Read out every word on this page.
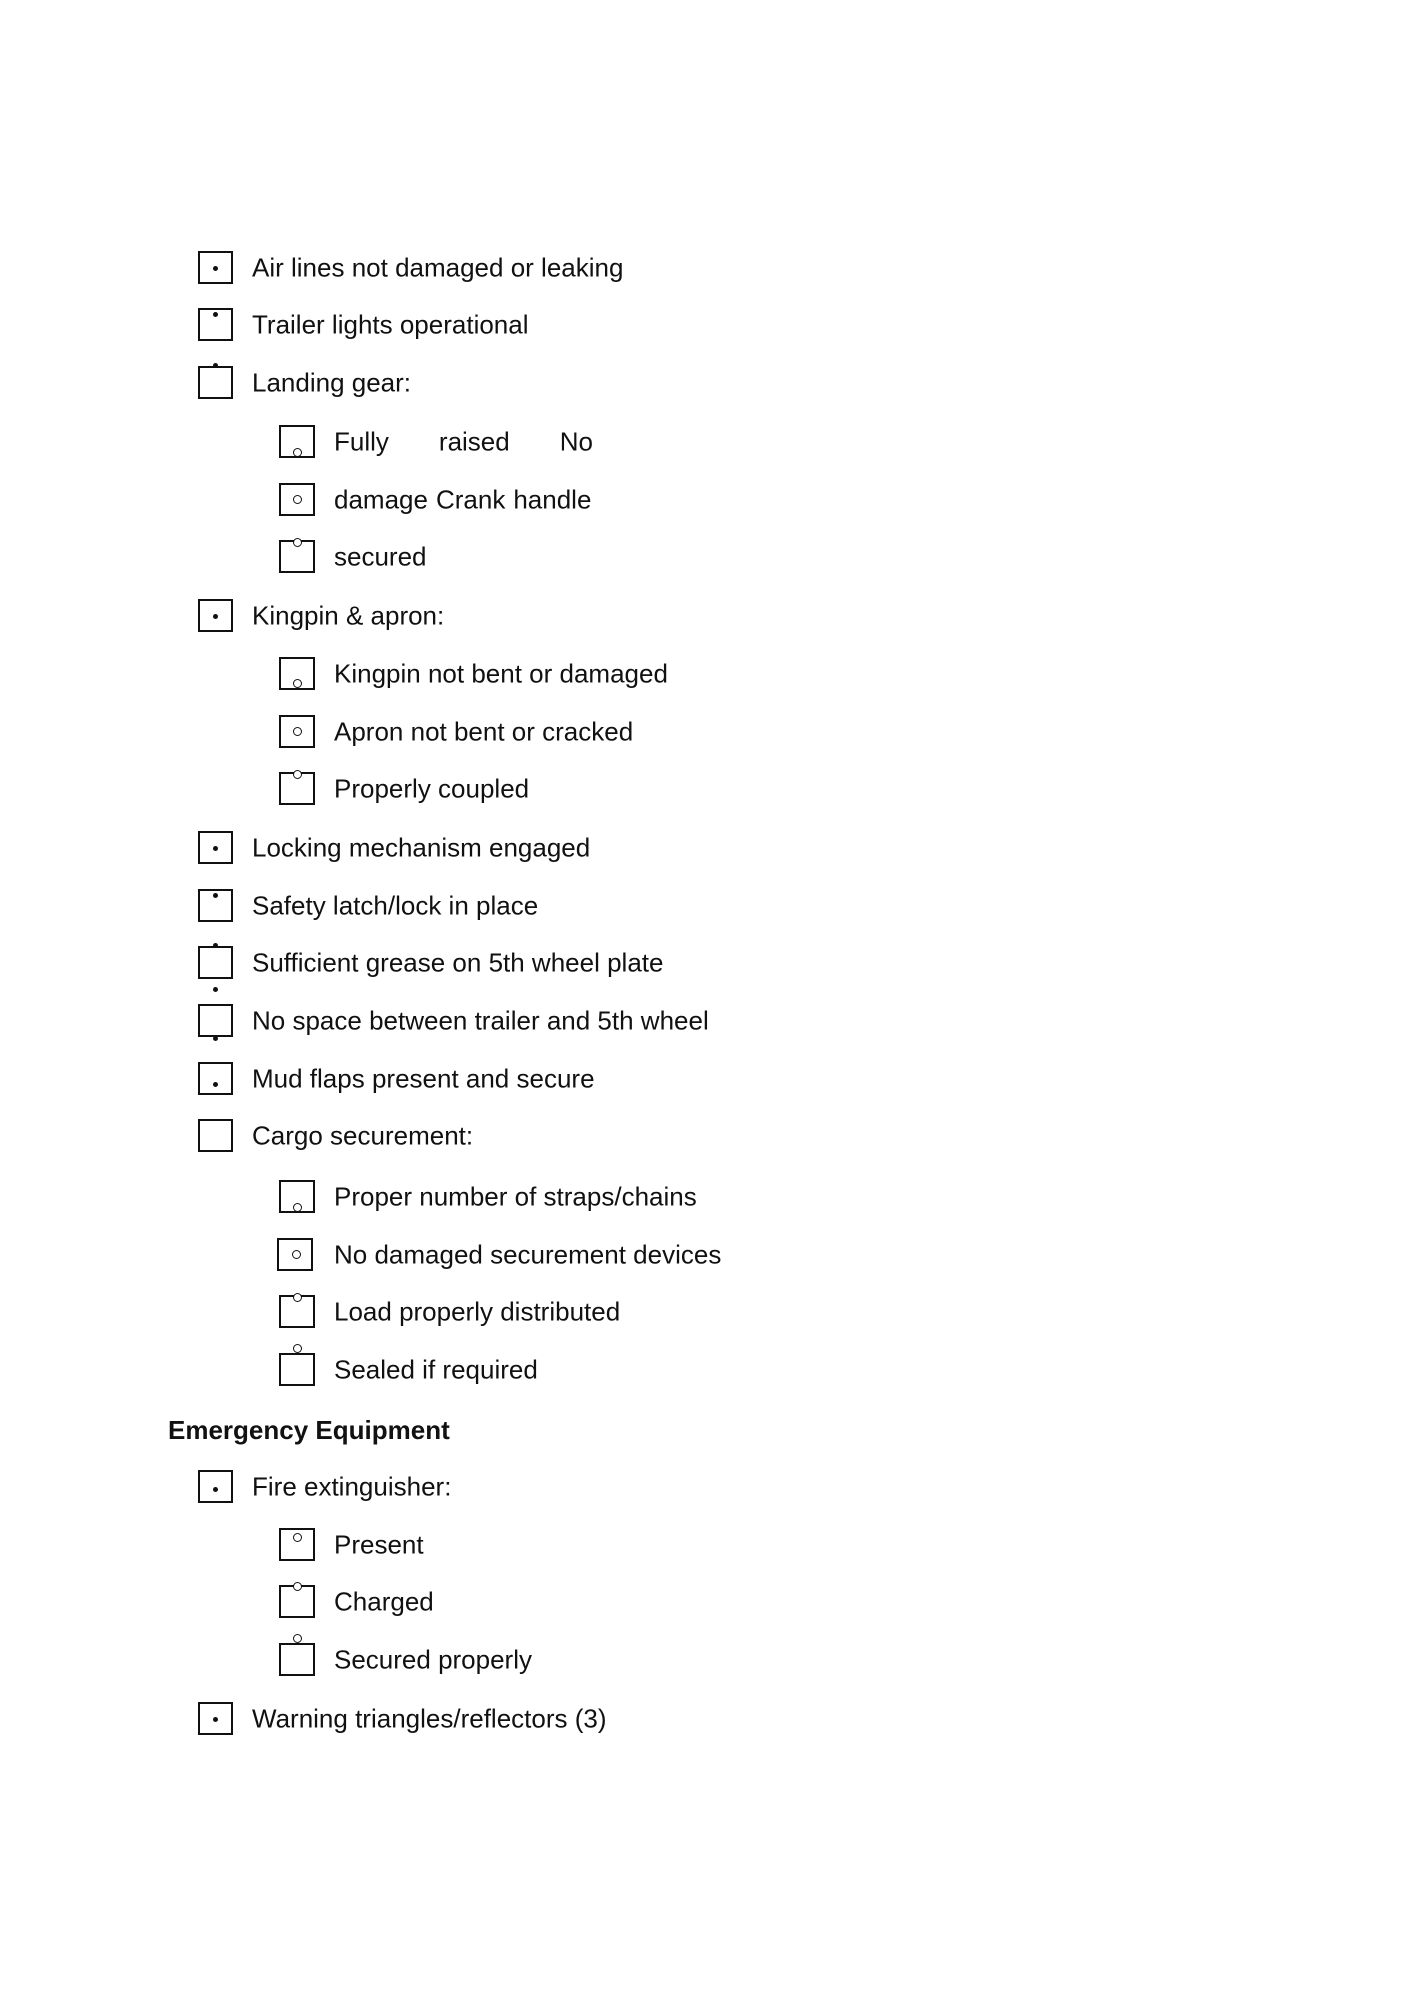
Air lines not damaged or leaking
Trailer lights operational
Landing gear:
Fully raised No
damage Crank handle
secured
Kingpin & apron:
Kingpin not bent or damaged
Apron not bent or cracked
Properly coupled
Locking mechanism engaged
Safety latch/lock in place
Sufficient grease on 5th wheel plate
No space between trailer and 5th wheel
Mud flaps present and secure
Cargo securement:
Proper number of straps/chains
No damaged securement devices
Load properly distributed
Sealed if required
Emergency Equipment
Fire extinguisher:
Present
Charged
Secured properly
Warning triangles/reflectors (3)
